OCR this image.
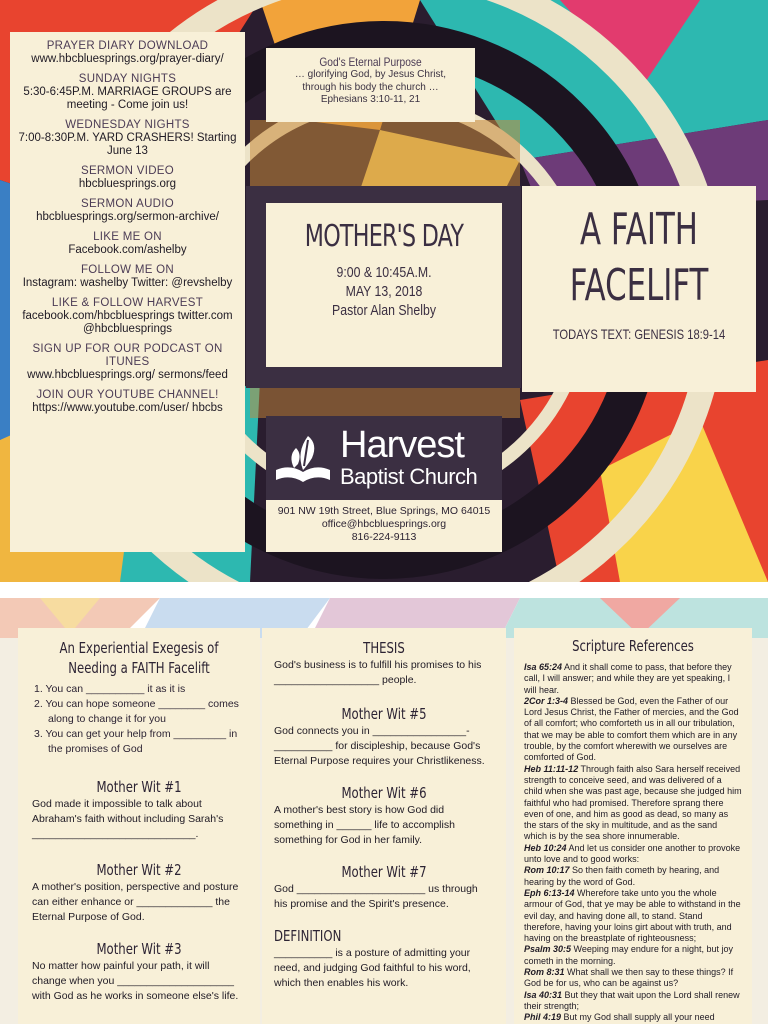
PRAYER DIARY DOWNLOAD
www.hbcbluesprings.org/prayer-diary/
SUNDAY NIGHTS
5:30-6:45P.M. MARRIAGE GROUPS are meeting - Come join us!
WEDNESDAY NIGHTS
7:00-8:30P.M. YARD CRASHERS! Starting June 13
SERMON VIDEO
hbcbluesprings.org
SERMON AUDIO
hbcbluesprings.org/sermon-archive/
LIKE ME ON
Facebook.com/ashelby
FOLLOW ME ON
Instagram: washelby Twitter: @revshelby
LIKE & FOLLOW HARVEST
facebook.com/hbcbluesprings twitter.com @hbcbluesprings
SIGN UP FOR OUR PODCAST ON ITUNES
www.hbcbluesprings.org/ sermons/feed
JOIN OUR YOUTUBE CHANNEL!
https://www.youtube.com/user/ hbcbs
God's Eternal Purpose
… glorifying God, by Jesus Christ,
through his body the church …
Ephesians 3:10-11, 21
MOTHER'S DAY
9:00 & 10:45A.M.
MAY 13, 2018
Pastor Alan Shelby
A FAITH
FACELIFT
TODAYS TEXT: GENESIS 18:9-14
Harvest
Baptist Church
901 NW 19th Street, Blue Springs, MO 64015
office@hbcbluesprings.org
816-224-9113
An Experiential Exegesis of
Needing a FAITH Facelift
1. You can __________ it as it is
2. You can hope someone ________ comes along to change it for you
3. You can get your help from _________ in the promises of God
Mother Wit #1
God made it impossible to talk about Abraham's faith without including Sarah's ____________________________.
Mother Wit #2
A mother's position, perspective and posture can either enhance or _____________ the Eternal Purpose of God.
Mother Wit #3
No matter how painful your path, it will change when you ____________________ with God as he works in someone else's life.
THESIS
God's business is to fulfill his promises to his __________________ people.
Mother Wit #5
God connects you in ________________- __________ for discipleship, because God's Eternal Purpose requires your Christlikeness.
Mother Wit #6
A mother's best story is how God did something in ______ life to accomplish something for God in her family.
Mother Wit #7
God ______________________ us through his promise and the Spirit's presence.
DEFINITION
__________ is a posture of admitting your need, and judging God faithful to his word, which then enables his work.
Scripture References
Isa 65:24 And it shall come to pass, that before they call, I will answer; and while they are yet speaking, I will hear.
2Cor 1:3-4 Blessed be God, even the Father of our Lord Jesus Christ, the Father of mercies, and the God of all comfort; who comforteth us in all our tribulation, that we may be able to comfort them which are in any trouble, by the comfort wherewith we ourselves are comforted of God.
Heb 11:11-12 Through faith also Sara herself received strength to conceive seed, and was delivered of a child when she was past age, because she judged him faithful who had promised. Therefore sprang there even of one, and him as good as dead, so many as the stars of the sky in multitude, and as the sand which is by the sea shore innumerable.
Heb 10:24 And let us consider one another to provoke unto love and to good works:
Rom 10:17 So then faith cometh by hearing, and hearing by the word of God.
Eph 6:13-14 Wherefore take unto you the whole armour of God, that ye may be able to withstand in the evil day, and having done all, to stand. Stand therefore, having your loins girt about with truth, and having on the breastplate of righteousness;
Psalm 30:5 Weeping may endure for a night, but joy cometh in the morning.
Rom 8:31 What shall we then say to these things? If God be for us, who can be against us?
Isa 40:31 But they that wait upon the Lord shall renew their strength;
Phil 4:19 But my God shall supply all your need
